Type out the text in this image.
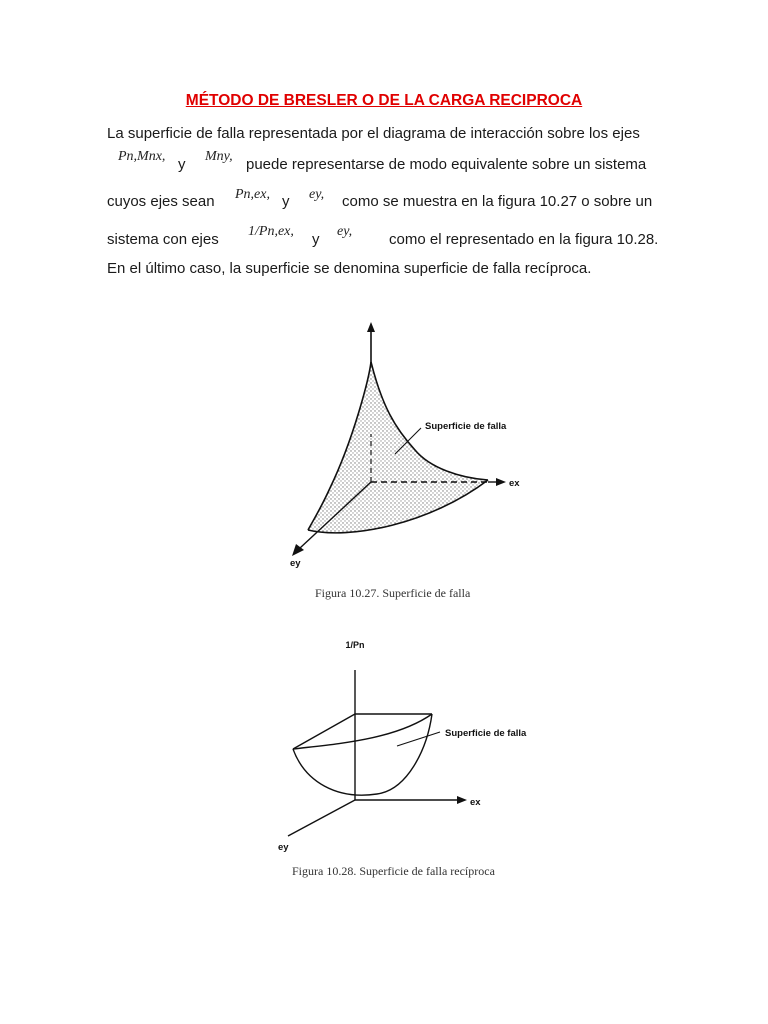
MÉTODO DE BRESLER O DE LA CARGA RECIPROCA
La superficie de falla representada por el diagrama de interacción sobre los ejes
Pn,Mnx, y Mny, puede representarse de modo equivalente sobre un sistema
cuyos ejes sean Pn,ex, y ey, como se muestra en la figura 10.27 o sobre un
sistema con ejes 1/Pn,ex, y ey, como el representado en la figura 10.28.
En el último caso, la superficie se denomina superficie de falla recíproca.
Superficie de falla
ex
ey
Figura 10.27. Superficie de falla
1/Pn
Superficie de falla
ex
ey
Figura 10.28. Superficie de falla recíproca
